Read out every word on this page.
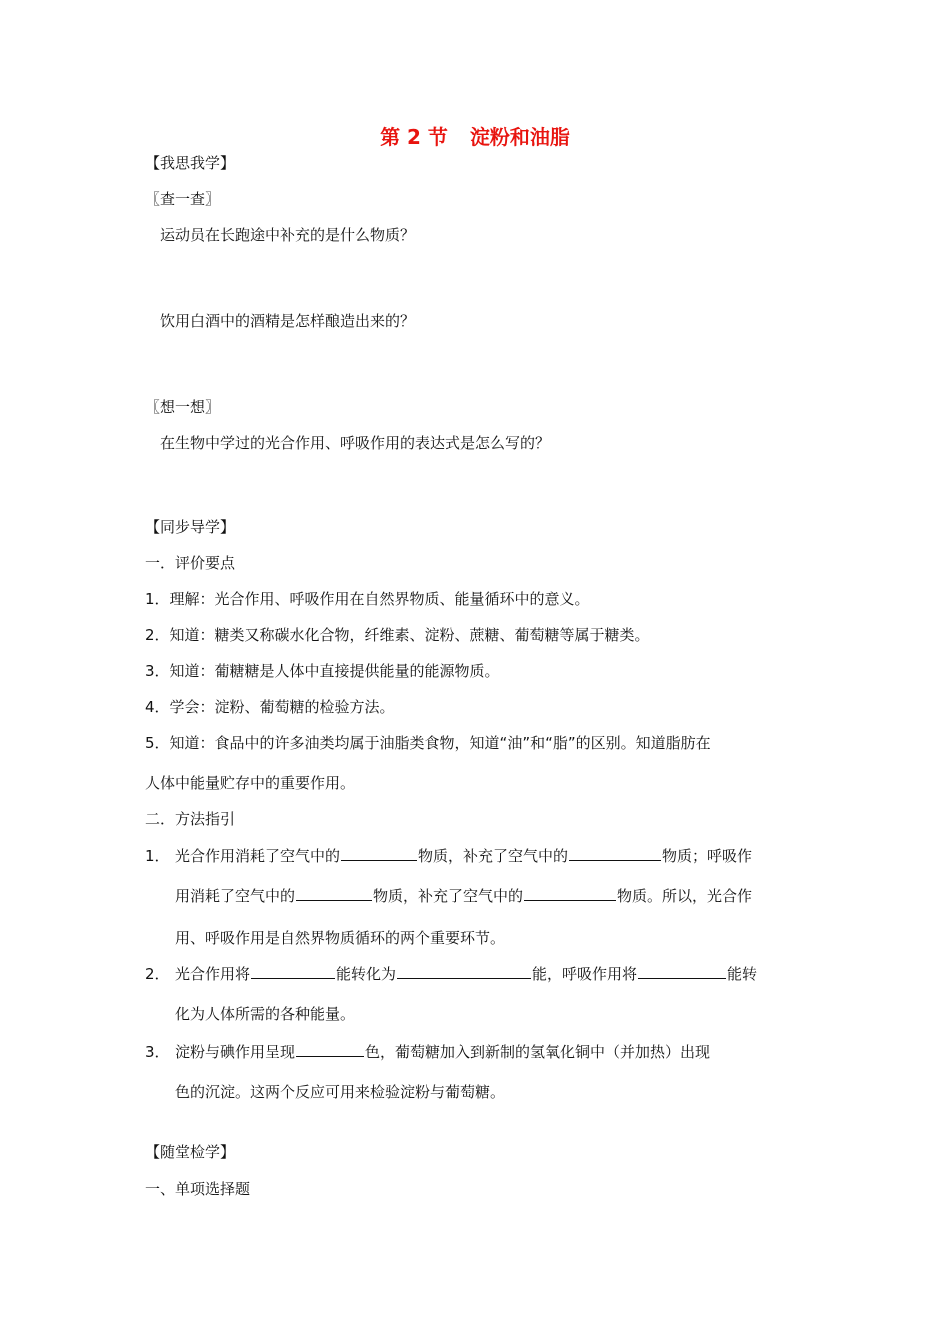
第 2 节 淀粉和油脂
【我思我学】
〖查一查〗
运动员在长跑途中补充的是什么物质？
饮用白酒中的酒精是怎样酿造出来的？
〖想一想〗
在生物中学过的光合作用、呼吸作用的表达式是怎么写的？
【同步导学】
一．评价要点
1．理解：光合作用、呼吸作用在自然界物质、能量循环中的意义。
2．知道：糖类又称碳水化合物，纤维素、淀粉、蔗糖、葡萄糖等属于糖类。
3．知道：葡糖糖是人体中直接提供能量的能源物质。
4．学会：淀粉、葡萄糖的检验方法。
5．知道：食品中的许多油类均属于油脂类食物，知道“油”和“脂”的区别。知道脂肪在
人体中能量贮存中的重要作用。
二．方法指引
1． 光合作用消耗了空气中的	物质，补充了空气中的	物质；呼吸作
用消耗了空气中的	物质，补充了空气中的	物质。所以，光合作
用、呼吸作用是自然界物质循环的两个重要环节。
2． 光合作用将	能转化为	能，呼吸作用将	能转
化为人体所需的各种能量。
3． 淀粉与碘作用呈现	色，葡萄糖加入到新制的氢氧化铜中（并加热）出现
色的沉淀。这两个反应可用来检验淀粉与葡萄糖。
【随堂检学】
一、单项选择题
